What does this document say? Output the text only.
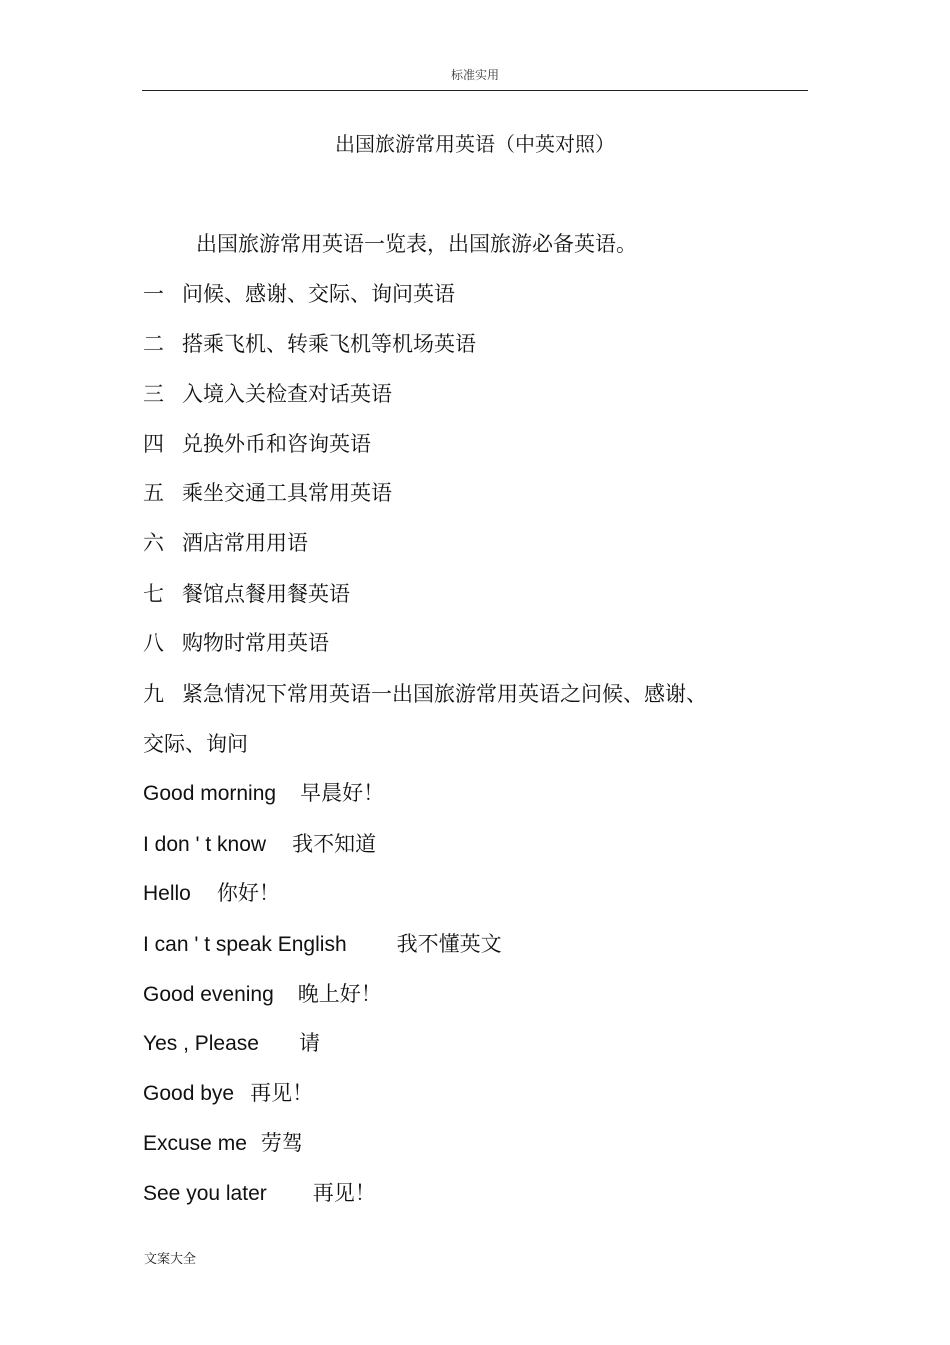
标准实用
出国旅游常用英语（中英对照）
出国旅游常用英语一览表，出国旅游必备英语。
一 问候、感谢、交际、询问英语
二 搭乘飞机、转乘飞机等机场英语
三 入境入关检查对话英语
四 兑换外币和咨询英语
五 乘坐交通工具常用英语
六 酒店常用用语
七 餐馆点餐用餐英语
八 购物时常用英语
九 紧急情况下常用英语一出国旅游常用英语之问候、感谢、
交际、询问
Good morning 早晨好！
I don ' t know 我不知道
Hello 你好！
I can ' t speak English 我不懂英文
Good evening 晚上好！
Yes , Please 请
Good bye 再见！
Excuse me 劳驾
See you later 再见！
文案大全
